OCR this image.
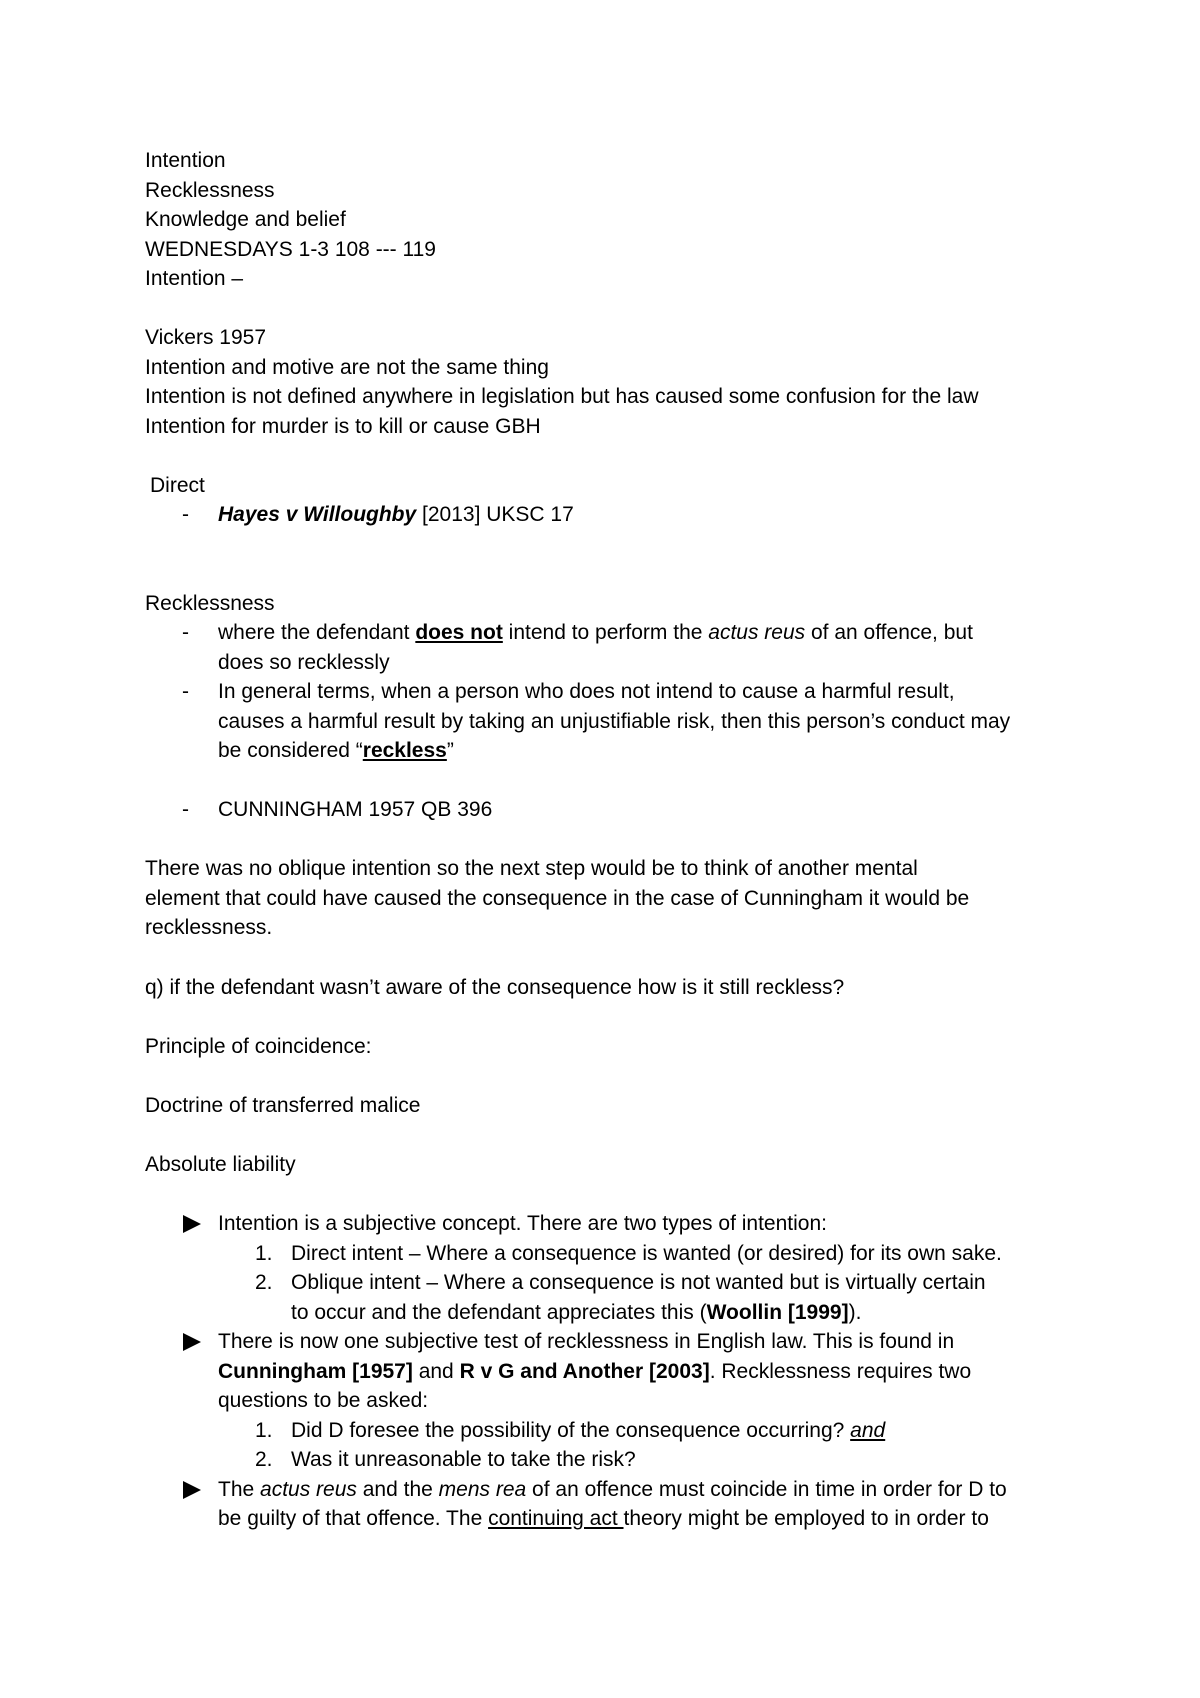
Intention
Recklessness
Knowledge and belief
WEDNESDAYS 1-3 108 --- 119
Intention –
Vickers 1957
Intention and motive are not the same thing
Intention is not defined anywhere in legislation but has caused some confusion for the law
Intention for murder is to kill or cause GBH
Direct
- Hayes v Willoughby [2013] UKSC 17
Recklessness
- where the defendant does not intend to perform the actus reus of an offence, but
does so recklessly
- In general terms, when a person who does not intend to cause a harmful result,
causes a harmful result by taking an unjustifiable risk, then this person’s conduct may
be considered “reckless”
- CUNNINGHAM 1957 QB 396
There was no oblique intention so the next step would be to think of another mental
element that could have caused the consequence in the case of Cunningham it would be
recklessness.
q) if the defendant wasn’t aware of the consequence how is it still reckless?
Principle of coincidence:
Doctrine of transferred malice
Absolute liability
Intention is a subjective concept. There are two types of intention:
1. Direct intent – Where a consequence is wanted (or desired) for its own sake.
2. Oblique intent – Where a consequence is not wanted but is virtually certain
to occur and the defendant appreciates this (Woollin [1999]).
There is now one subjective test of recklessness in English law. This is found in
Cunningham [1957] and R v G and Another [2003]. Recklessness requires two
questions to be asked:
1. Did D foresee the possibility of the consequence occurring? and
2. Was it unreasonable to take the risk?
The actus reus and the mens rea of an offence must coincide in time in order for D to
be guilty of that offence. The continuing act theory might be employed to in order to
